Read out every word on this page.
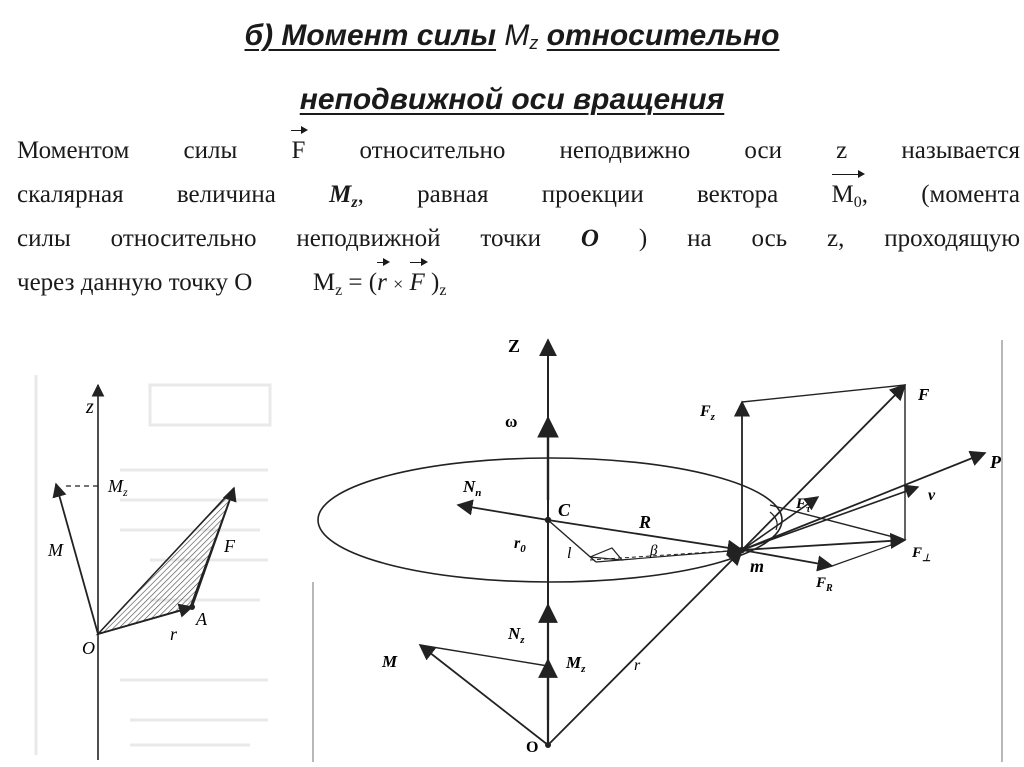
б) Момент силы $M_z$ относительно
неподвижной оси вращения
Моментом силы F относительно неподвижно оси z называется
скалярная величина $M_z$, равная проекции вектора $M_0$, (момента
силы относительно неподвижной точки O ) на ось z, проходящую
через данную точку O $M_z = (r \times F$ )$_z$
z
$M_z$
M	F
A
O
r
Z
ω
$N_n$
C
R
$r_0$	l	β
m
$N_z$
M	$M_z$	r
O
$F_z$
F
P
$F_\tau$
v
$F_\perp$
$F_R$
